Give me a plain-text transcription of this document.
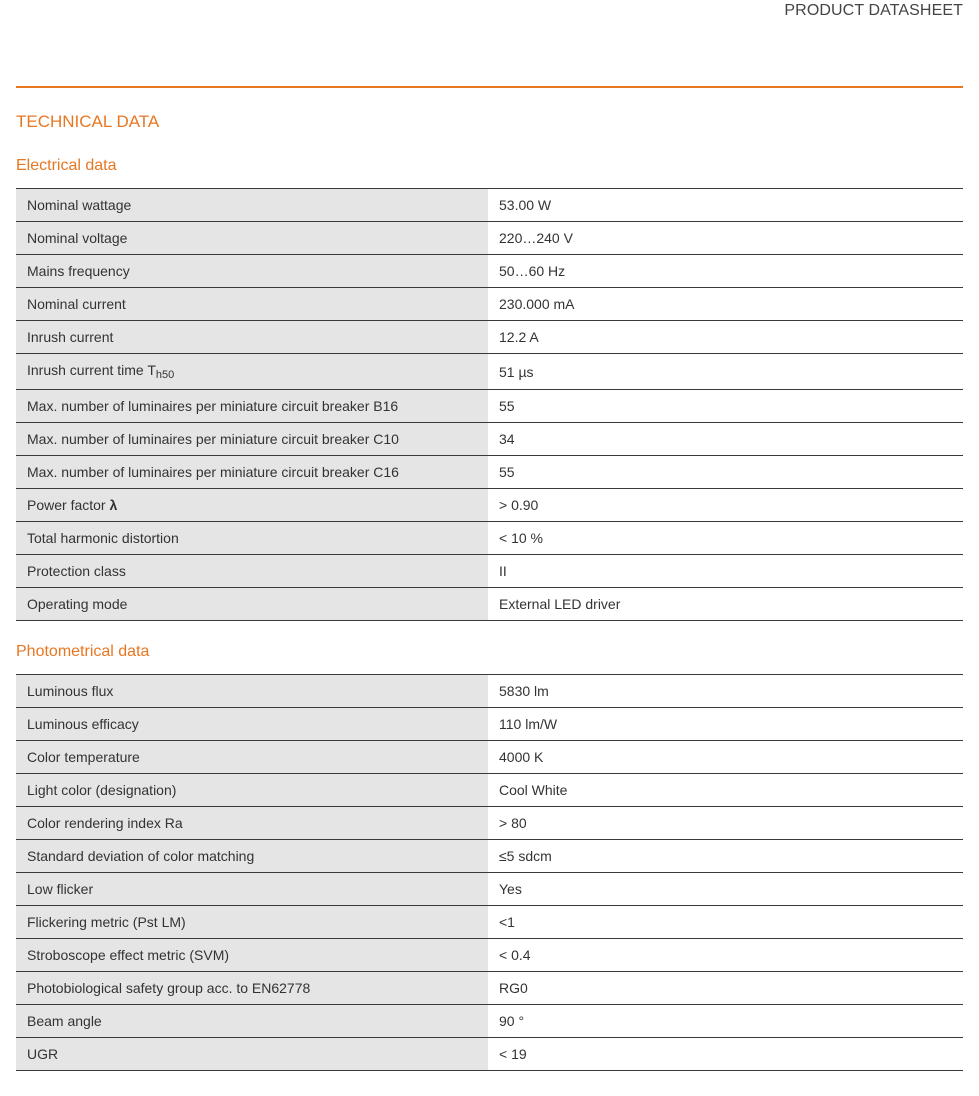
PRODUCT DATASHEET
TECHNICAL DATA
Electrical data
Nominal wattage	53.00 W
Nominal voltage	220…240 V
Mains frequency	50…60 Hz
Nominal current	230.000 mA
Inrush current	12.2 A
Inrush current time $T_{h50}$	51 µs
Max. number of luminaires per miniature circuit breaker B16	55
Max. number of luminaires per miniature circuit breaker C10	34
Max. number of luminaires per miniature circuit breaker C16	55
Power factor λ	> 0.90
Total harmonic distortion	< 10 %
Protection class	II
Operating mode	External LED driver
Photometrical data
Luminous flux	5830 lm
Luminous efficacy	110 lm/W
Color temperature	4000 K
Light color (designation)	Cool White
Color rendering index Ra	> 80
Standard deviation of color matching	≤5 sdcm
Low flicker	Yes
Flickering metric (Pst LM)	<1
Stroboscope effect metric (SVM)	< 0.4
Photobiological safety group acc. to EN62778	RG0
Beam angle	90 °
UGR	< 19
